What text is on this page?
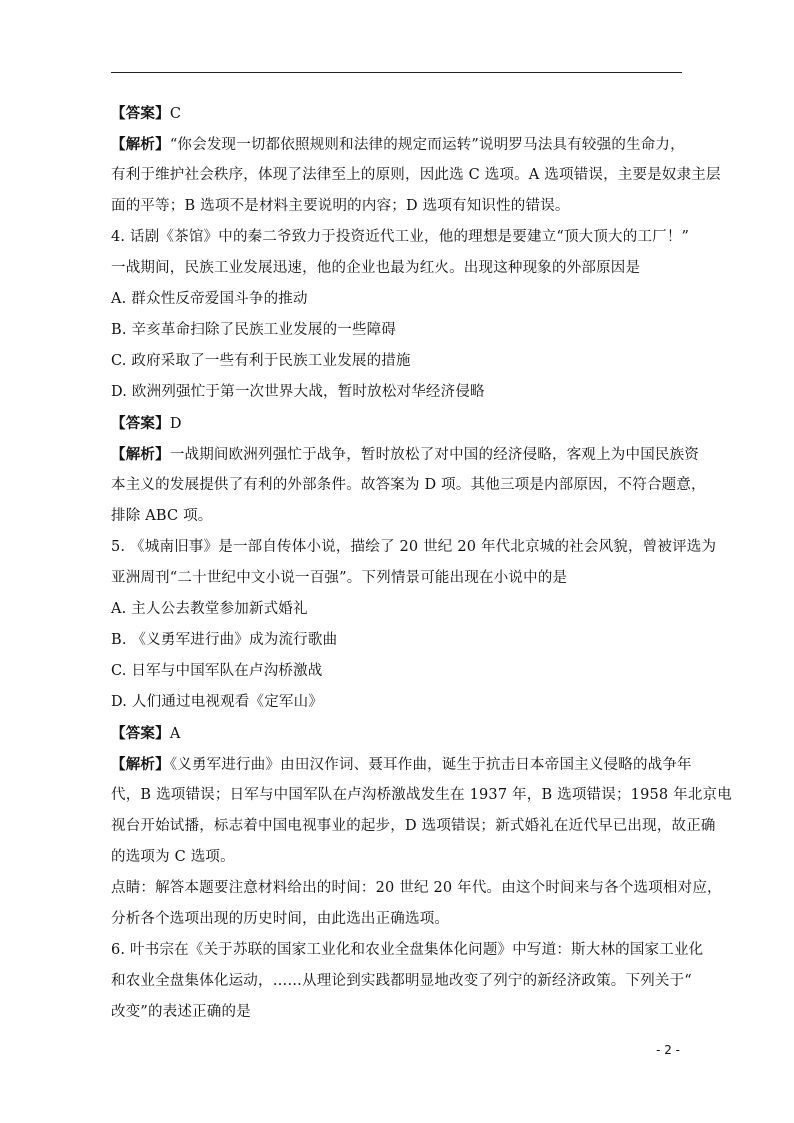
【答案】C
【解析】“你会发现一切都依照规则和法律的规定而运转”说明罗马法具有较强的生命力，
有利于维护社会秩序，体现了法律至上的原则，因此选 C 选项。A 选项错误，主要是奴隶主层
面的平等；B 选项不是材料主要说明的内容；D 选项有知识性的错误。
4. 话剧《茶馆》中的秦二爷致力于投资近代工业，他的理想是要建立“顶大顶大的工厂！”
一战期间，民族工业发展迅速，他的企业也最为红火。出现这种现象的外部原因是
A. 群众性反帝爱国斗争的推动
B. 辛亥革命扫除了民族工业发展的一些障碍
C. 政府采取了一些有利于民族工业发展的措施
D. 欧洲列强忙于第一次世界大战，暂时放松对华经济侵略
【答案】D
【解析】一战期间欧洲列强忙于战争，暂时放松了对中国的经济侵略，客观上为中国民族资
本主义的发展提供了有利的外部条件。故答案为 D 项。其他三项是内部原因，不符合题意，
排除 ABC 项。
5. 《城南旧事》是一部自传体小说，描绘了 20 世纪 20 年代北京城的社会风貌，曾被评选为
亚洲周刊“二十世纪中文小说一百强”。下列情景可能出现在小说中的是
A. 主人公去教堂参加新式婚礼
B. 《义勇军进行曲》成为流行歌曲
C. 日军与中国军队在卢沟桥激战
D. 人们通过电视观看《定军山》
【答案】A
【解析】《义勇军进行曲》由田汉作词、聂耳作曲，诞生于抗击日本帝国主义侵略的战争年
代，B 选项错误；日军与中国军队在卢沟桥激战发生在 1937 年，B 选项错误；1958 年北京电
视台开始试播，标志着中国电视事业的起步，D 选项错误；新式婚礼在近代早已出现，故正确
的选项为 C 选项。
点睛：解答本题要注意材料给出的时间：20 世纪 20 年代。由这个时间来与各个选项相对应，
分析各个选项出现的历史时间，由此选出正确选项。
6. 叶书宗在《关于苏联的国家工业化和农业全盘集体化问题》中写道：斯大林的国家工业化
和农业全盘集体化运动，……从理论到实践都明显地改变了列宁的新经济政策。下列关于“
改变”的表述正确的是
- 2 -
